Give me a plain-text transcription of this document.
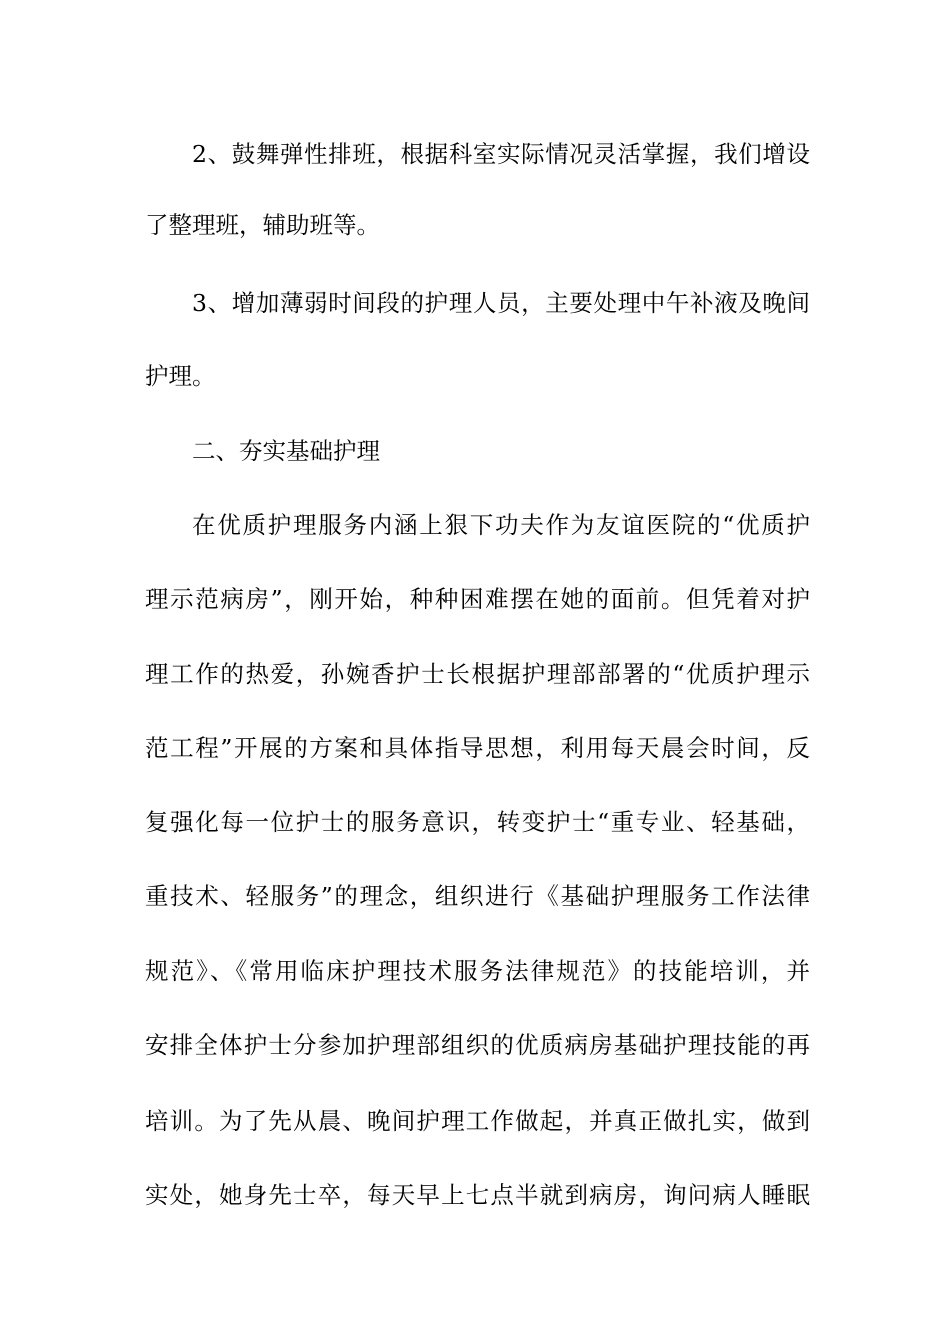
2、鼓舞弹性排班，根据科室实际情况灵活掌握，我们增设

了整理班，辅助班等。

3、增加薄弱时间段的护理人员，主要处理中午补液及晚间

护理。

二、夯实基础护理

在优质护理服务内涵上狠下功夫作为友谊医院的“优质护

理示范病房”，刚开始，种种困难摆在她的面前。但凭着对护

理工作的热爱，孙婉香护士长根据护理部部署的“优质护理示

范工程”开展的方案和具体指导思想，利用每天晨会时间，反

复强化每一位护士的服务意识，转变护士“重专业、轻基础，

重技术、轻服务”的理念，组织进行《基础护理服务工作法律

规范》、《常用临床护理技术服务法律规范》的技能培训，并

安排全体护士分参加护理部组织的优质病房基础护理技能的再

培训。为了先从晨、晚间护理工作做起，并真正做扎实，做到

实处，她身先士卒，每天早上七点半就到病房，询问病人睡眠
